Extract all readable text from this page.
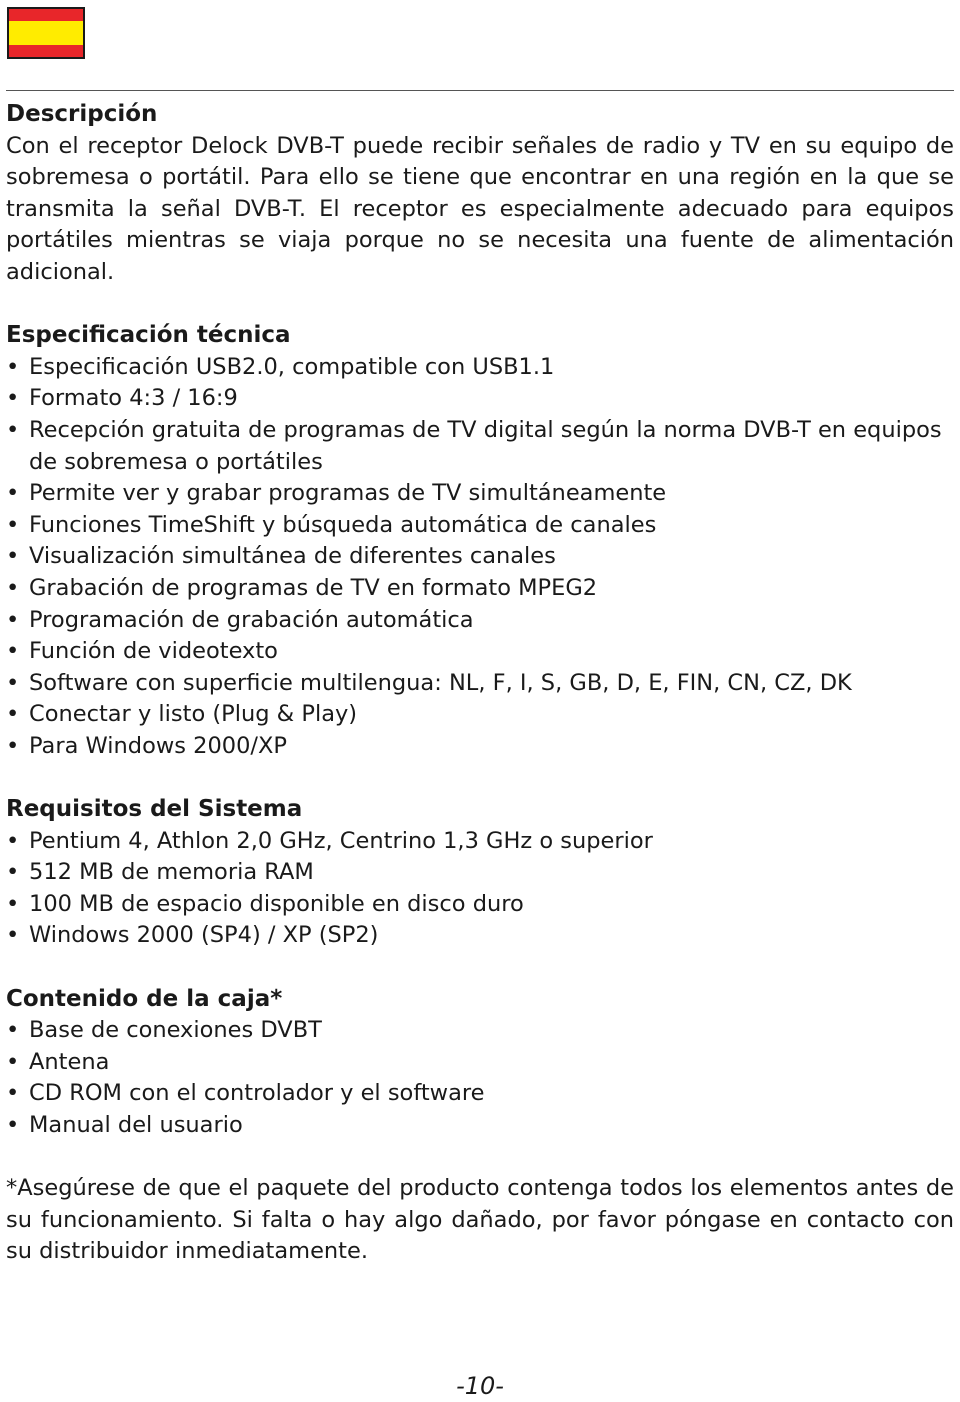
Descripción

Con el receptor Delock DVB-T puede recibir señales de radio y TV en su equipo de sobremesa o portátil. Para ello se tiene que encontrar en una región en la que se transmita la señal DVB-T. El receptor es especialmente adecuado para equipos portátiles mientras se viaja porque no se necesita una fuente de alimentación adicional.

Especificación técnica
• Especificación USB2.0, compatible con USB1.1
• Formato 4:3 / 16:9
• Recepción gratuita de programas de TV digital según la norma DVB-T en equipos de sobremesa o portátiles
• Permite ver y grabar programas de TV simultáneamente
• Funciones TimeShift y búsqueda automática de canales
• Visualización simultánea de diferentes canales
• Grabación de programas de TV en formato MPEG2
• Programación de grabación automática
• Función de videotexto
• Software con superficie multilengua: NL, F, I, S, GB, D, E, FIN, CN, CZ, DK
• Conectar y listo (Plug & Play)
• Para Windows 2000/XP
Requisitos del Sistema
• Pentium 4, Athlon 2,0 GHz, Centrino 1,3 GHz o superior
• 512 MB de memoria RAM
• 100 MB de espacio disponible en disco duro
• Windows 2000 (SP4) / XP (SP2)
Contenido de la caja*
• Base de conexiones DVBT
• Antena
• CD ROM con el controlador y el software
• Manual del usuario

*Asegúrese de que el paquete del producto contenga todos los elementos antes de su funcionamiento. Si falta o hay algo dañado, por favor póngase en contacto con su distribuidor inmediatamente.

-10-
